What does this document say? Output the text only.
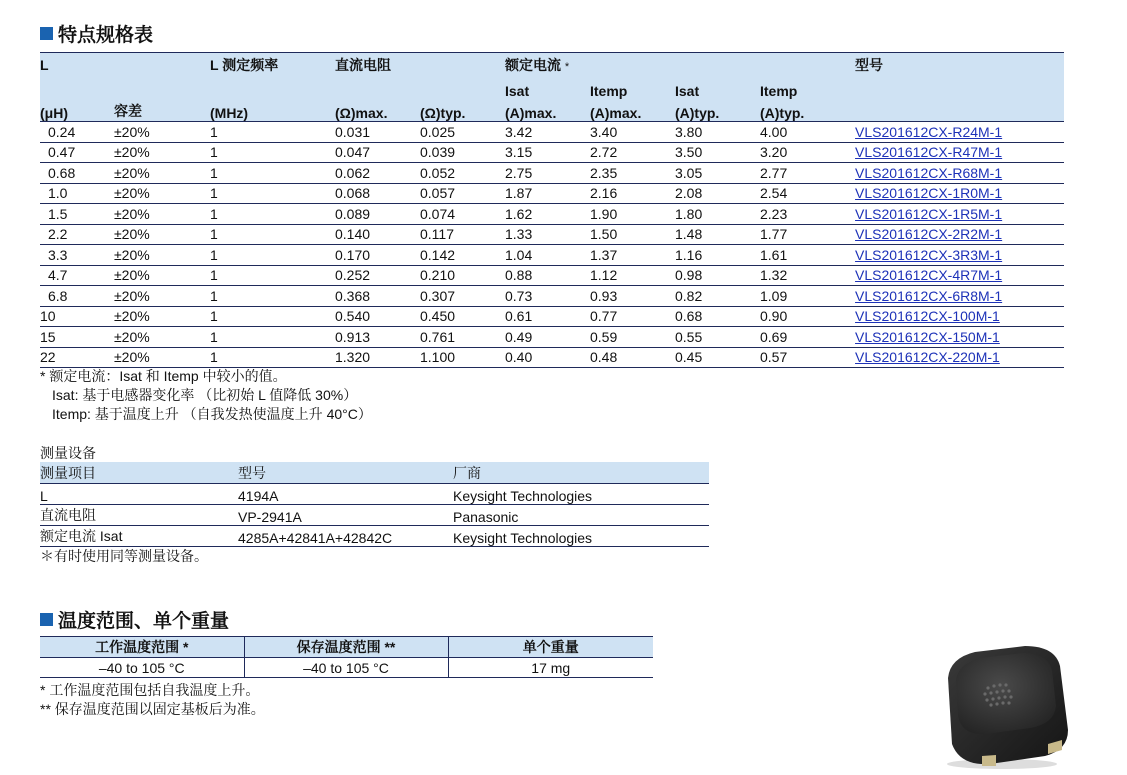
特点规格表
L		L 测定频率	直流电阻		额定电流 *				型号
					Isat	Itemp	Isat	Itemp	
(μH)	容差	(MHz)	(Ω)max.	(Ω)typ.	(A)max.	(A)max.	(A)typ.	(A)typ.	
0.24	±20%	1	0.031	0.025	3.42	3.40	3.80	4.00	VLS201612CX-R24M-1
0.47	±20%	1	0.047	0.039	3.15	2.72	3.50	3.20	VLS201612CX-R47M-1
0.68	±20%	1	0.062	0.052	2.75	2.35	3.05	2.77	VLS201612CX-R68M-1
1.0	±20%	1	0.068	0.057	1.87	2.16	2.08	2.54	VLS201612CX-1R0M-1
1.5	±20%	1	0.089	0.074	1.62	1.90	1.80	2.23	VLS201612CX-1R5M-1
2.2	±20%	1	0.140	0.117	1.33	1.50	1.48	1.77	VLS201612CX-2R2M-1
3.3	±20%	1	0.170	0.142	1.04	1.37	1.16	1.61	VLS201612CX-3R3M-1
4.7	±20%	1	0.252	0.210	0.88	1.12	0.98	1.32	VLS201612CX-4R7M-1
6.8	±20%	1	0.368	0.307	0.73	0.93	0.82	1.09	VLS201612CX-6R8M-1
10	±20%	1	0.540	0.450	0.61	0.77	0.68	0.90	VLS201612CX-100M-1
15	±20%	1	0.913	0.761	0.49	0.59	0.55	0.69	VLS201612CX-150M-1
22	±20%	1	1.320	1.100	0.40	0.48	0.45	0.57	VLS201612CX-220M-1
* 额定电流：Isat 和 Itemp 中较小的值。
Isat: 基于电感器变化率 （比初始 L 值降低 30%）
Itemp: 基于温度上升 （自我发热使温度上升 40°C）
测量设备
测量项目	型号	厂商
L	4194A	Keysight Technologies
直流电阻	VP-2941A	Panasonic
额定电流 Isat	4285A+42841A+42842C	Keysight Technologies
＊有时使用同等测量设备。
温度范围、单个重量
工作温度范围 *	保存温度范围 **	单个重量
–40 to 105 °C	–40 to 105 °C	17 mg
* 工作温度范围包括自我温度上升。
** 保存温度范围以固定基板后为准。
